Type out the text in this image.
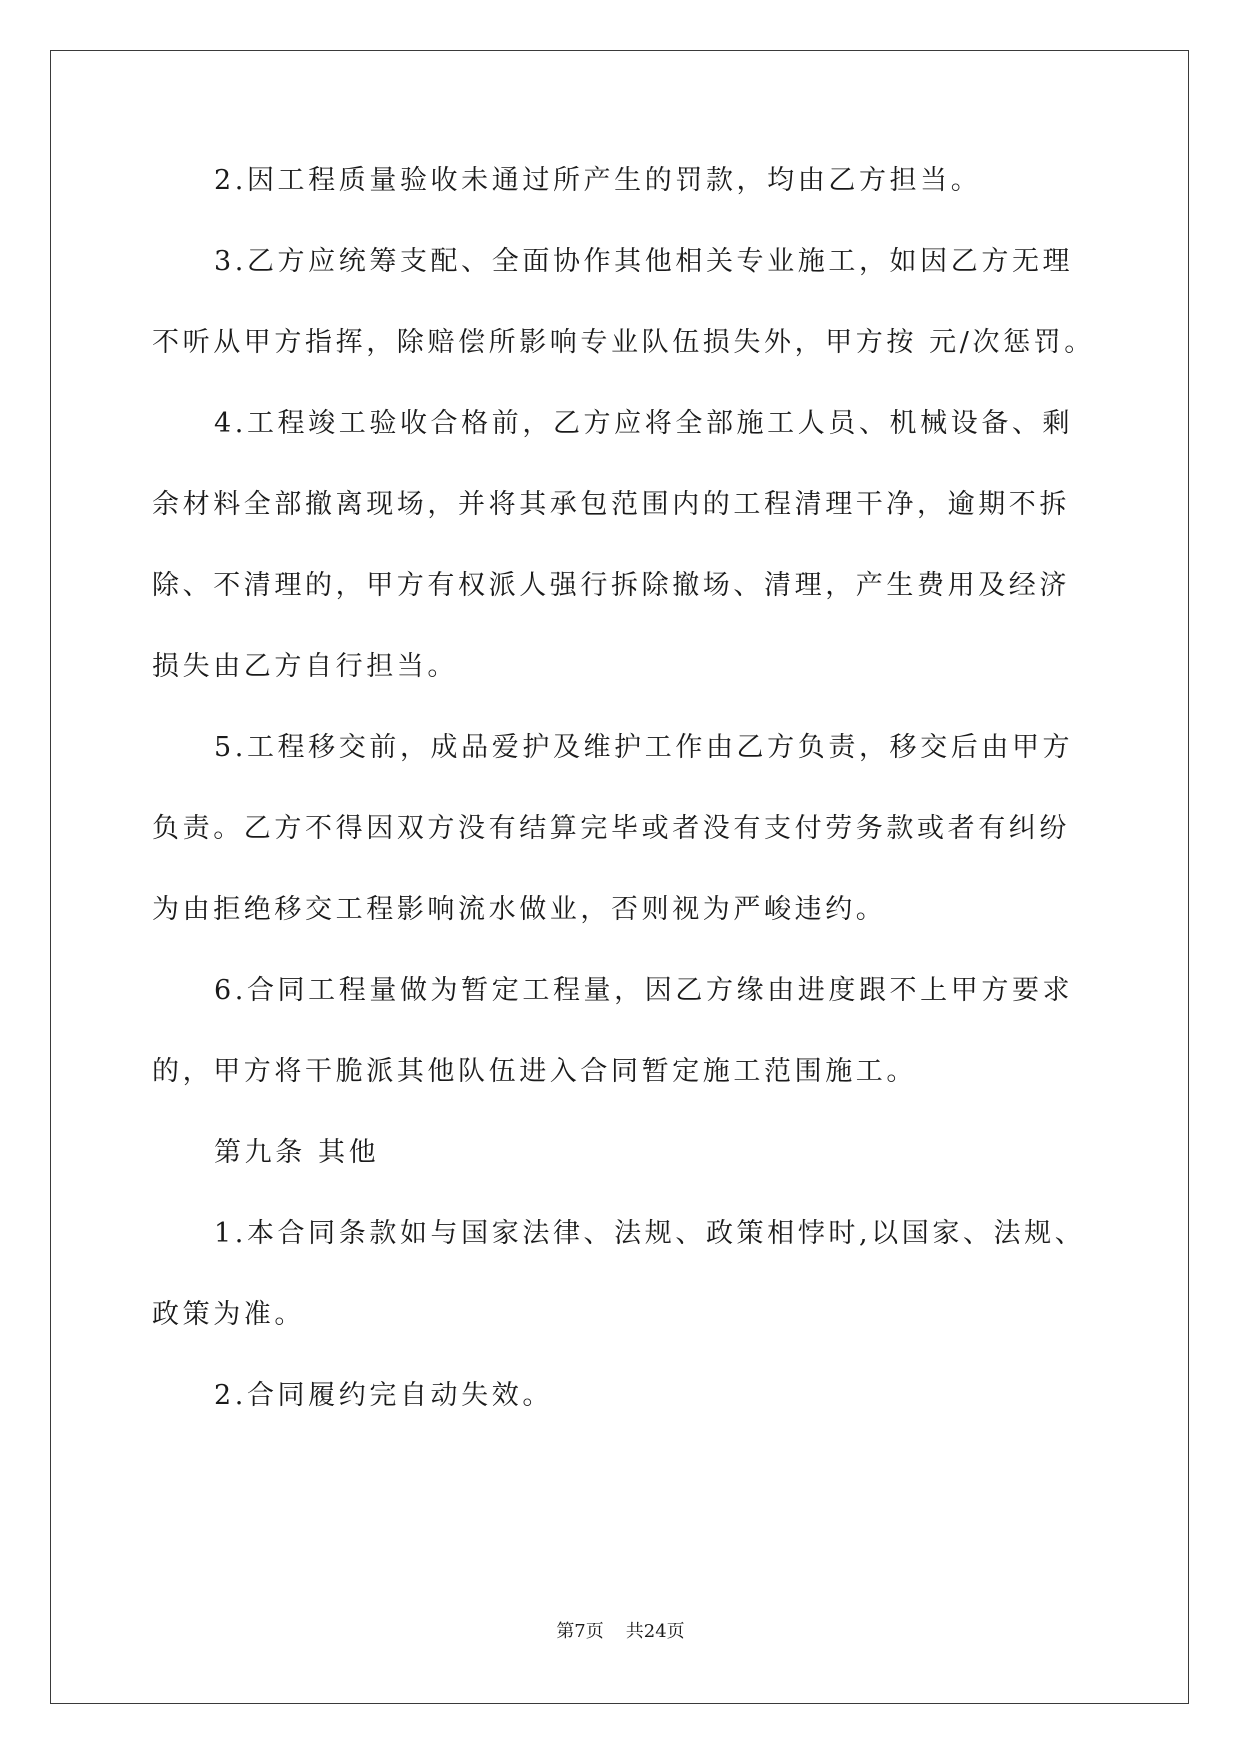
2.因工程质量验收未通过所产生的罚款，均由乙方担当。
3.乙方应统筹支配、全面协作其他相关专业施工，如因乙方无理
不听从甲方指挥，除赔偿所影响专业队伍损失外，甲方按 元/次惩罚。
4.工程竣工验收合格前，乙方应将全部施工人员、机械设备、剩
余材料全部撤离现场，并将其承包范围内的工程清理干净，逾期不拆
除、不清理的，甲方有权派人强行拆除撤场、清理，产生费用及经济
损失由乙方自行担当。
5.工程移交前，成品爱护及维护工作由乙方负责，移交后由甲方
负责。乙方不得因双方没有结算完毕或者没有支付劳务款或者有纠纷
为由拒绝移交工程影响流水做业，否则视为严峻违约。
6.合同工程量做为暂定工程量，因乙方缘由进度跟不上甲方要求
的，甲方将干脆派其他队伍进入合同暂定施工范围施工。
第九条 其他
1.本合同条款如与国家法律、法规、政策相悖时,以国家、法规、
政策为准。
2.合同履约完自动失效。
第7页 共24页
